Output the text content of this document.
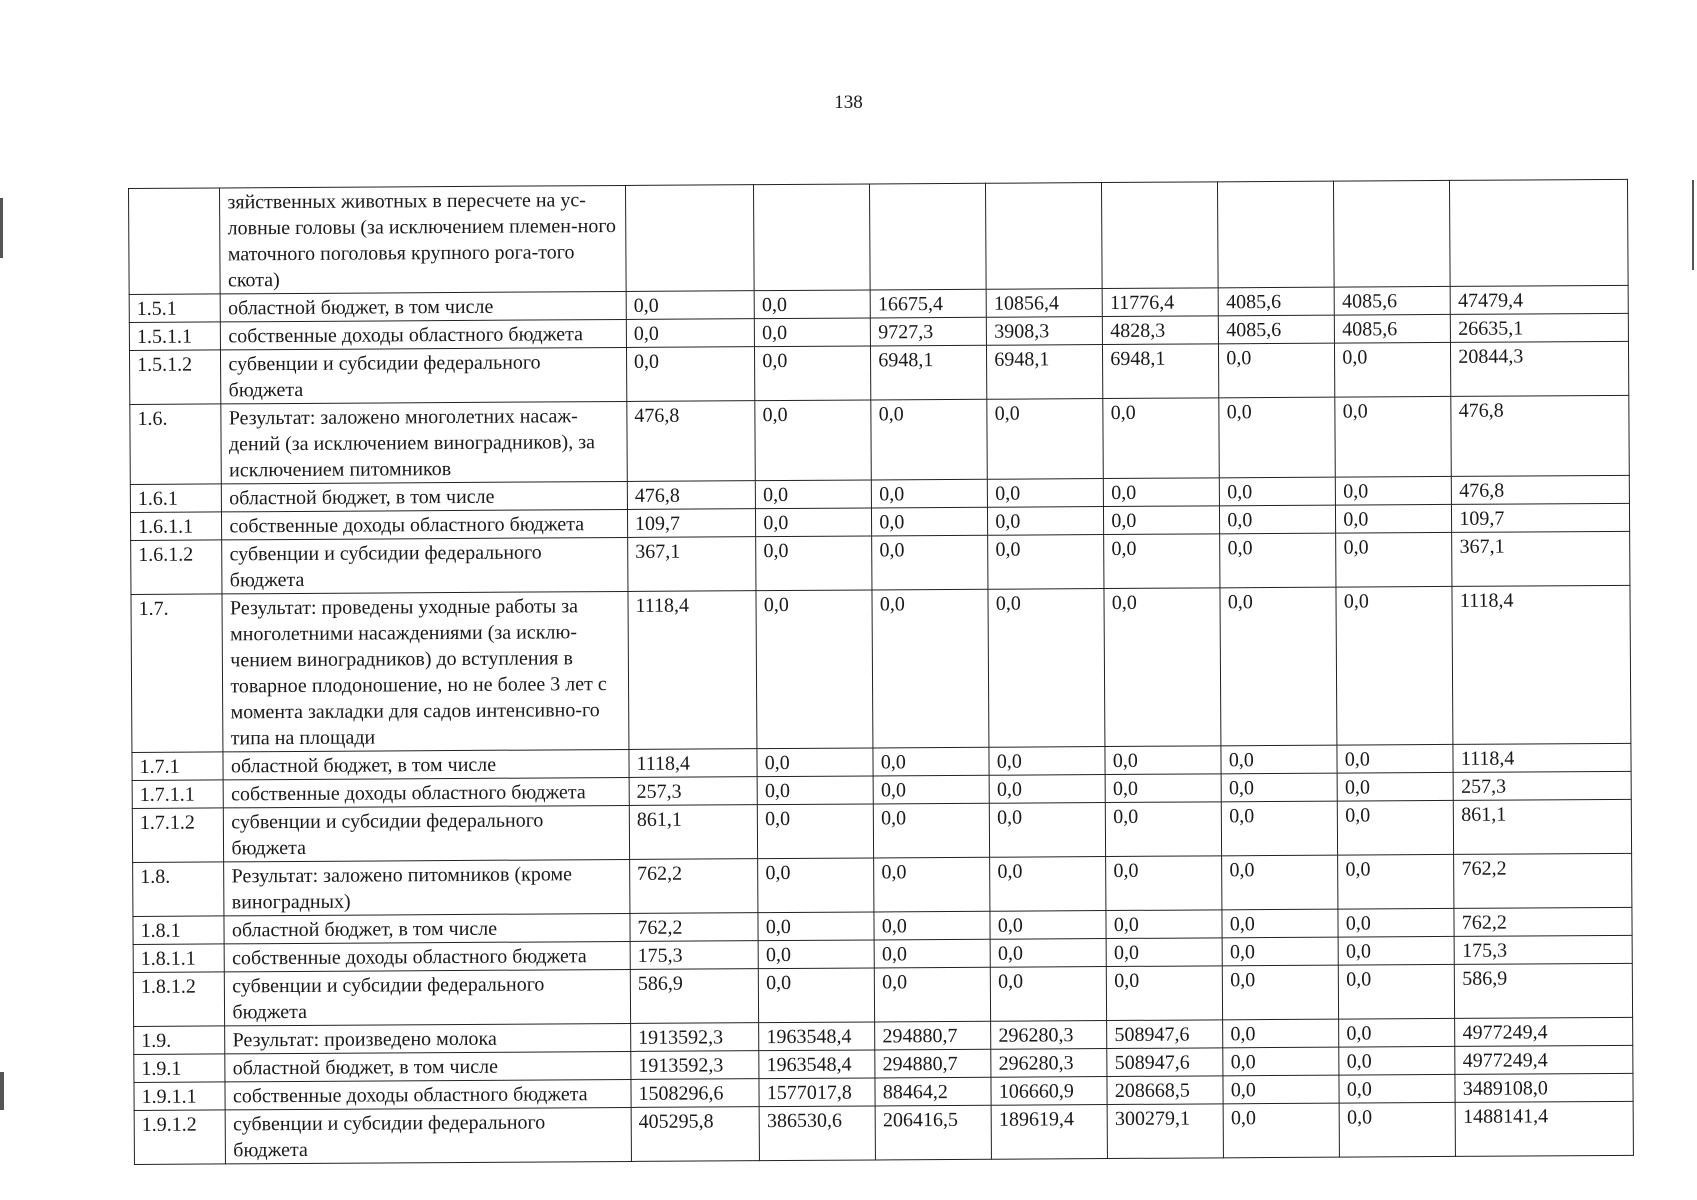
138
	зяйственных животных в пересчете на ус-ловные головы (за исключением племен-ного маточного поголовья крупного рога-того скота)								
1.5.1	областной бюджет, в том числе	0,0	0,0	16675,4	10856,4	11776,4	4085,6	4085,6	47479,4
1.5.1.1	собственные доходы областного бюджета	0,0	0,0	9727,3	3908,3	4828,3	4085,6	4085,6	26635,1
1.5.1.2	субвенции и субсидии федерального бюджета	0,0	0,0	6948,1	6948,1	6948,1	0,0	0,0	20844,3
1.6.	Результат: заложено многолетних насаж-дений (за исключением виноградников), за исключением питомников	476,8	0,0	0,0	0,0	0,0	0,0	0,0	476,8
1.6.1	областной бюджет, в том числе	476,8	0,0	0,0	0,0	0,0	0,0	0,0	476,8
1.6.1.1	собственные доходы областного бюджета	109,7	0,0	0,0	0,0	0,0	0,0	0,0	109,7
1.6.1.2	субвенции и субсидии федерального бюджета	367,1	0,0	0,0	0,0	0,0	0,0	0,0	367,1
1.7.	Результат: проведены уходные работы за многолетними насаждениями (за исклю-чением виноградников) до вступления в товарное плодоношение, но не более 3 лет с момента закладки для садов интенсивно-го типа на площади	1118,4	0,0	0,0	0,0	0,0	0,0	0,0	1118,4
1.7.1	областной бюджет, в том числе	1118,4	0,0	0,0	0,0	0,0	0,0	0,0	1118,4
1.7.1.1	собственные доходы областного бюджета	257,3	0,0	0,0	0,0	0,0	0,0	0,0	257,3
1.7.1.2	субвенции и субсидии федерального бюджета	861,1	0,0	0,0	0,0	0,0	0,0	0,0	861,1
1.8.	Результат: заложено питомников (кроме виноградных)	762,2	0,0	0,0	0,0	0,0	0,0	0,0	762,2
1.8.1	областной бюджет, в том числе	762,2	0,0	0,0	0,0	0,0	0,0	0,0	762,2
1.8.1.1	собственные доходы областного бюджета	175,3	0,0	0,0	0,0	0,0	0,0	0,0	175,3
1.8.1.2	субвенции и субсидии федерального бюджета	586,9	0,0	0,0	0,0	0,0	0,0	0,0	586,9
1.9.	Результат: произведено молока	1913592,3	1963548,4	294880,7	296280,3	508947,6	0,0	0,0	4977249,4
1.9.1	областной бюджет, в том числе	1913592,3	1963548,4	294880,7	296280,3	508947,6	0,0	0,0	4977249,4
1.9.1.1	собственные доходы областного бюджета	1508296,6	1577017,8	88464,2	106660,9	208668,5	0,0	0,0	3489108,0
1.9.1.2	субвенции и субсидии федерального бюджета	405295,8	386530,6	206416,5	189619,4	300279,1	0,0	0,0	1488141,4
